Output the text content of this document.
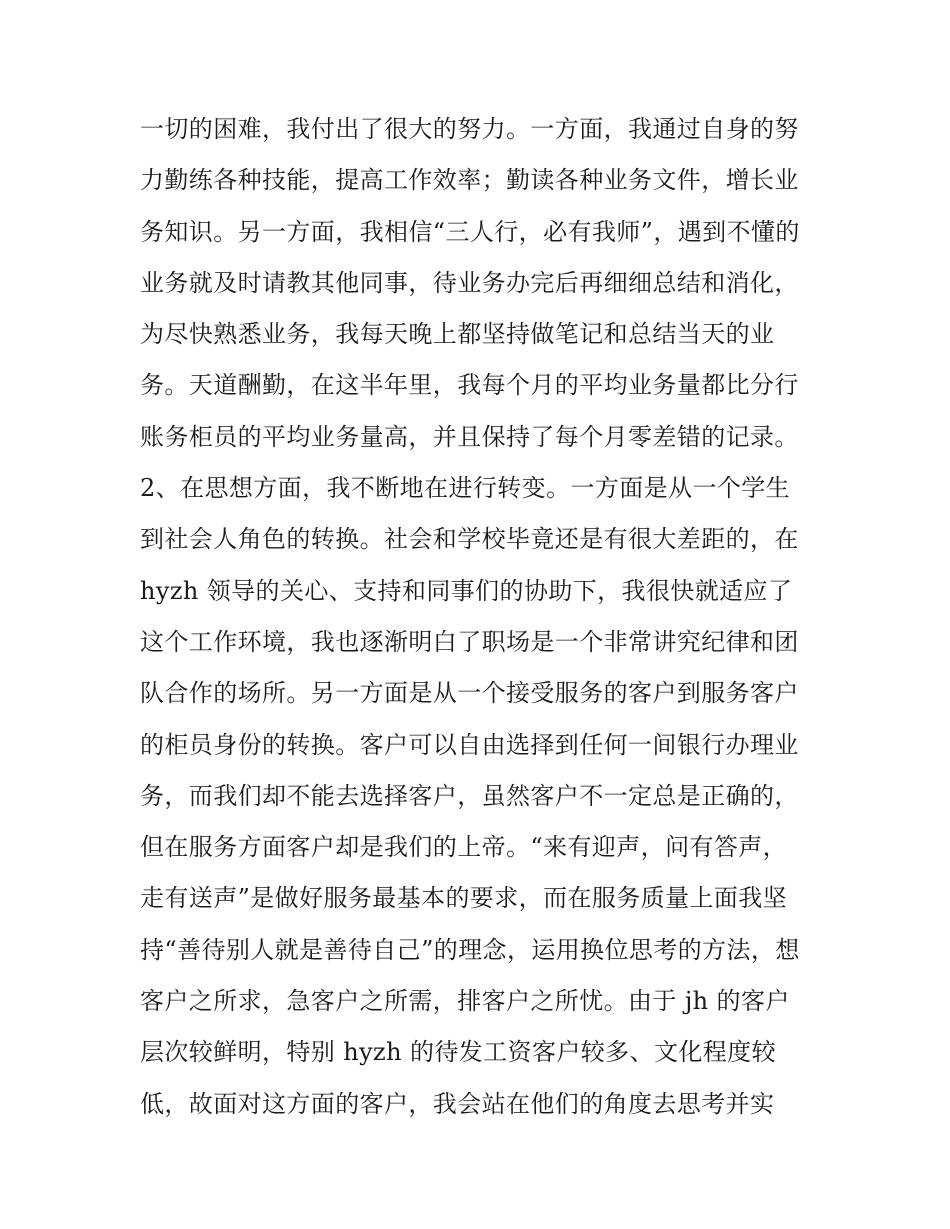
一切的困难，我付出了很大的努力。一方面，我通过自身的努
力勤练各种技能，提高工作效率；勤读各种业务文件，增长业
务知识。另一方面，我相信“三人行，必有我师”，遇到不懂的
业务就及时请教其他同事，待业务办完后再细细总结和消化，
为尽快熟悉业务，我每天晚上都坚持做笔记和总结当天的业
务。天道酬勤，在这半年里，我每个月的平均业务量都比分行
账务柜员的平均业务量高，并且保持了每个月零差错的记录。
2、在思想方面，我不断地在进行转变。一方面是从一个学生
到社会人角色的转换。社会和学校毕竟还是有很大差距的，在
hyzh 领导的关心、支持和同事们的协助下，我很快就适应了
这个工作环境，我也逐渐明白了职场是一个非常讲究纪律和团
队合作的场所。另一方面是从一个接受服务的客户到服务客户
的柜员身份的转换。客户可以自由选择到任何一间银行办理业
务，而我们却不能去选择客户，虽然客户不一定总是正确的，
但在服务方面客户却是我们的上帝。“来有迎声，问有答声，
走有送声”是做好服务最基本的要求，而在服务质量上面我坚
持“善待别人就是善待自己”的理念，运用换位思考的方法，想
客户之所求，急客户之所需，排客户之所忧。由于 jh 的客户
层次较鲜明，特别 hyzh 的待发工资客户较多、文化程度较
低，故面对这方面的客户，我会站在他们的角度去思考并实
